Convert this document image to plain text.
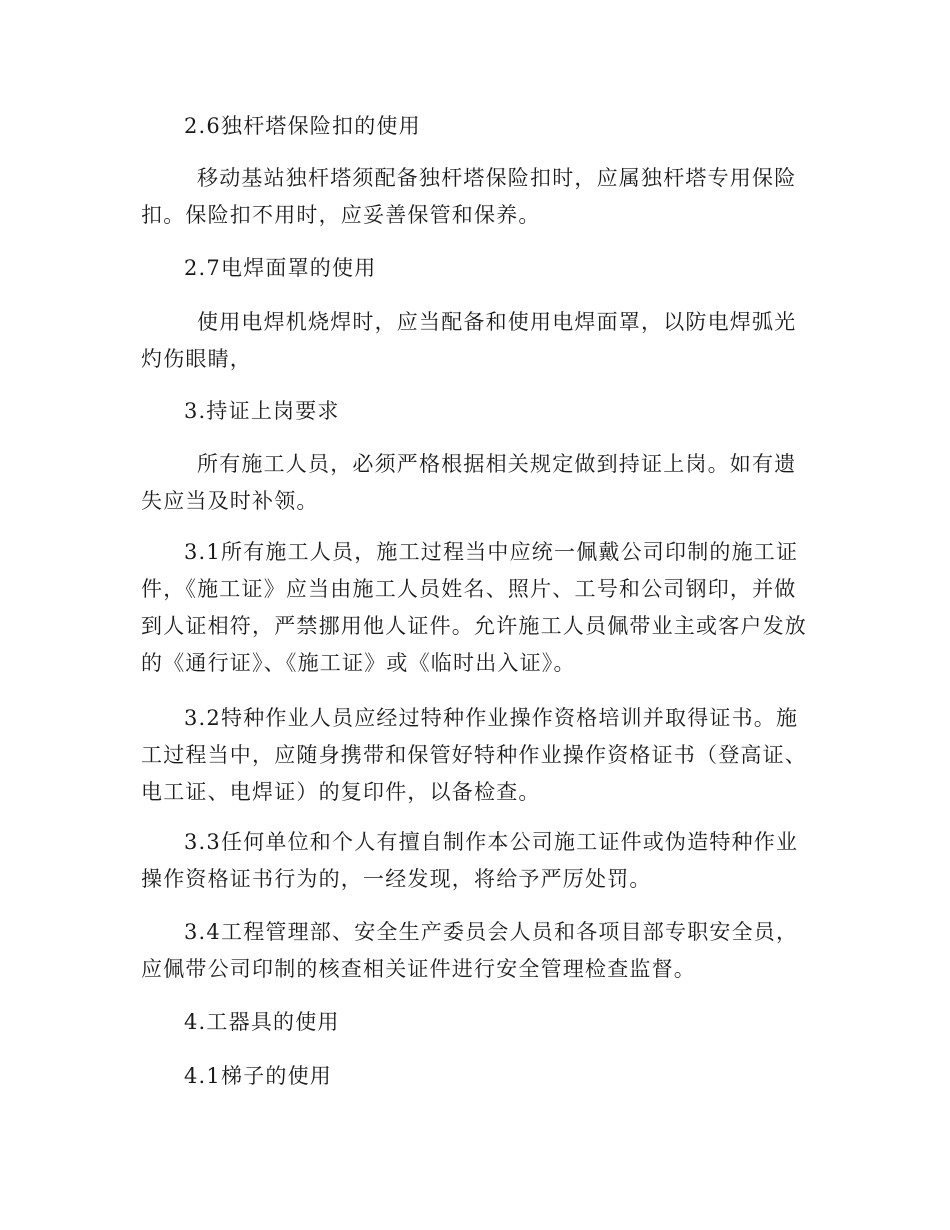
2.6独杆塔保险扣的使用

移动基站独杆塔须配备独杆塔保险扣时，应属独杆塔专用保险扣。保险扣不用时，应妥善保管和保养。

2.7电焊面罩的使用

使用电焊机烧焊时，应当配备和使用电焊面罩，以防电焊弧光灼伤眼睛，

3.持证上岗要求

所有施工人员，必须严格根据相关规定做到持证上岗。如有遗失应当及时补领。

3.1所有施工人员，施工过程当中应统一佩戴公司印制的施工证件，《施工证》应当由施工人员姓名、照片、工号和公司钢印，并做到人证相符，严禁挪用他人证件。允许施工人员佩带业主或客户发放的《通行证》、《施工证》或《临时出入证》。

3.2特种作业人员应经过特种作业操作资格培训并取得证书。施工过程当中，应随身携带和保管好特种作业操作资格证书（登高证、电工证、电焊证）的复印件，以备检查。

3.3任何单位和个人有擅自制作本公司施工证件或伪造特种作业操作资格证书行为的，一经发现，将给予严厉处罚。

3.4工程管理部、安全生产委员会人员和各项目部专职安全员，应佩带公司印制的核查相关证件进行安全管理检查监督。

4.工器具的使用

4.1梯子的使用
